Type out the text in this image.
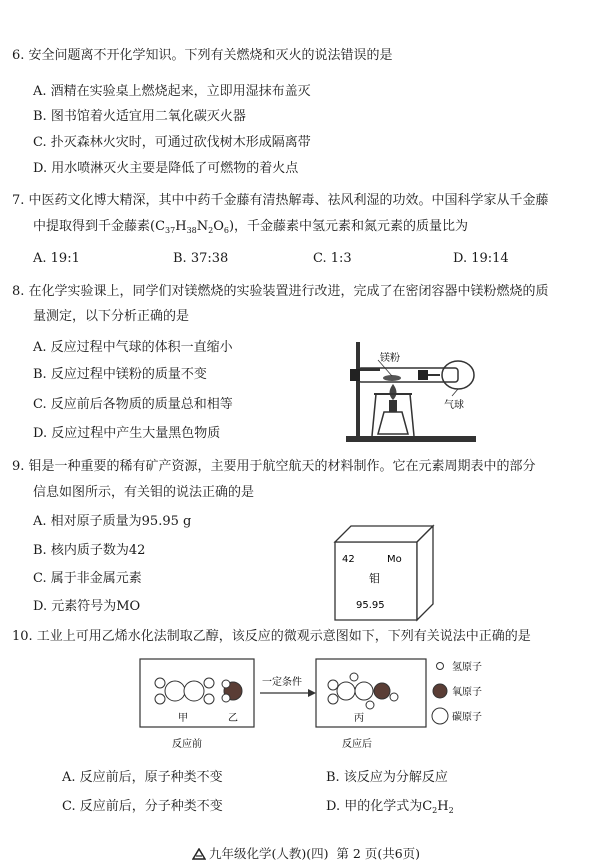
6. 安全问题离不开化学知识。下列有关燃烧和灭火的说法错误的是
A. 酒精在实验桌上燃烧起来，立即用湿抹布盖灭
B. 图书馆着火适宜用二氧化碳灭火器
C. 扑灭森林火灾时，可通过砍伐树木形成隔离带
D. 用水喷淋灭火主要是降低了可燃物的着火点
7. 中医药文化博大精深，其中中药千金藤有清热解毒、祛风利湿的功效。中国科学家从千金藤
中提取得到千金藤素$(C_{37}H_{38}N_2O_6)$，千金藤素中氢元素和氮元素的质量比为
A. 19:1	B. 37:38	C. 1:3	D. 19:14
8. 在化学实验课上，同学们对镁燃烧的实验装置进行改进，完成了在密闭容器中镁粉燃烧的质
量测定，以下分析正确的是
A. 反应过程中气球的体积一直缩小
B. 反应过程中镁粉的质量不变
C. 反应前后各物质的质量总和相等
D. 反应过程中产生大量黑色物质
镁粉
气球
9. 钼是一种重要的稀有矿产资源，主要用于航空航天的材料制作。它在元素周期表中的部分
信息如图所示，有关钼的说法正确的是
A. 相对原子质量为95.95 g
B. 核内质子数为42
C. 属于非金属元素
D. 元素符号为MO
42	Mo
钼
95.95
10. 工业上可用乙烯水化法制取乙醇，该反应的微观示意图如下，下列有关说法中正确的是
甲	乙
一定条件
丙
反应前	反应后
氢原子
氧原子
碳原子
A. 反应前后，原子种类不变	B. 该反应为分解反应
C. 反应前后，分子种类不变	D. 甲的化学式为$C_2H_2$
九年级化学(人教)(四) 第 2 页(共6页)
